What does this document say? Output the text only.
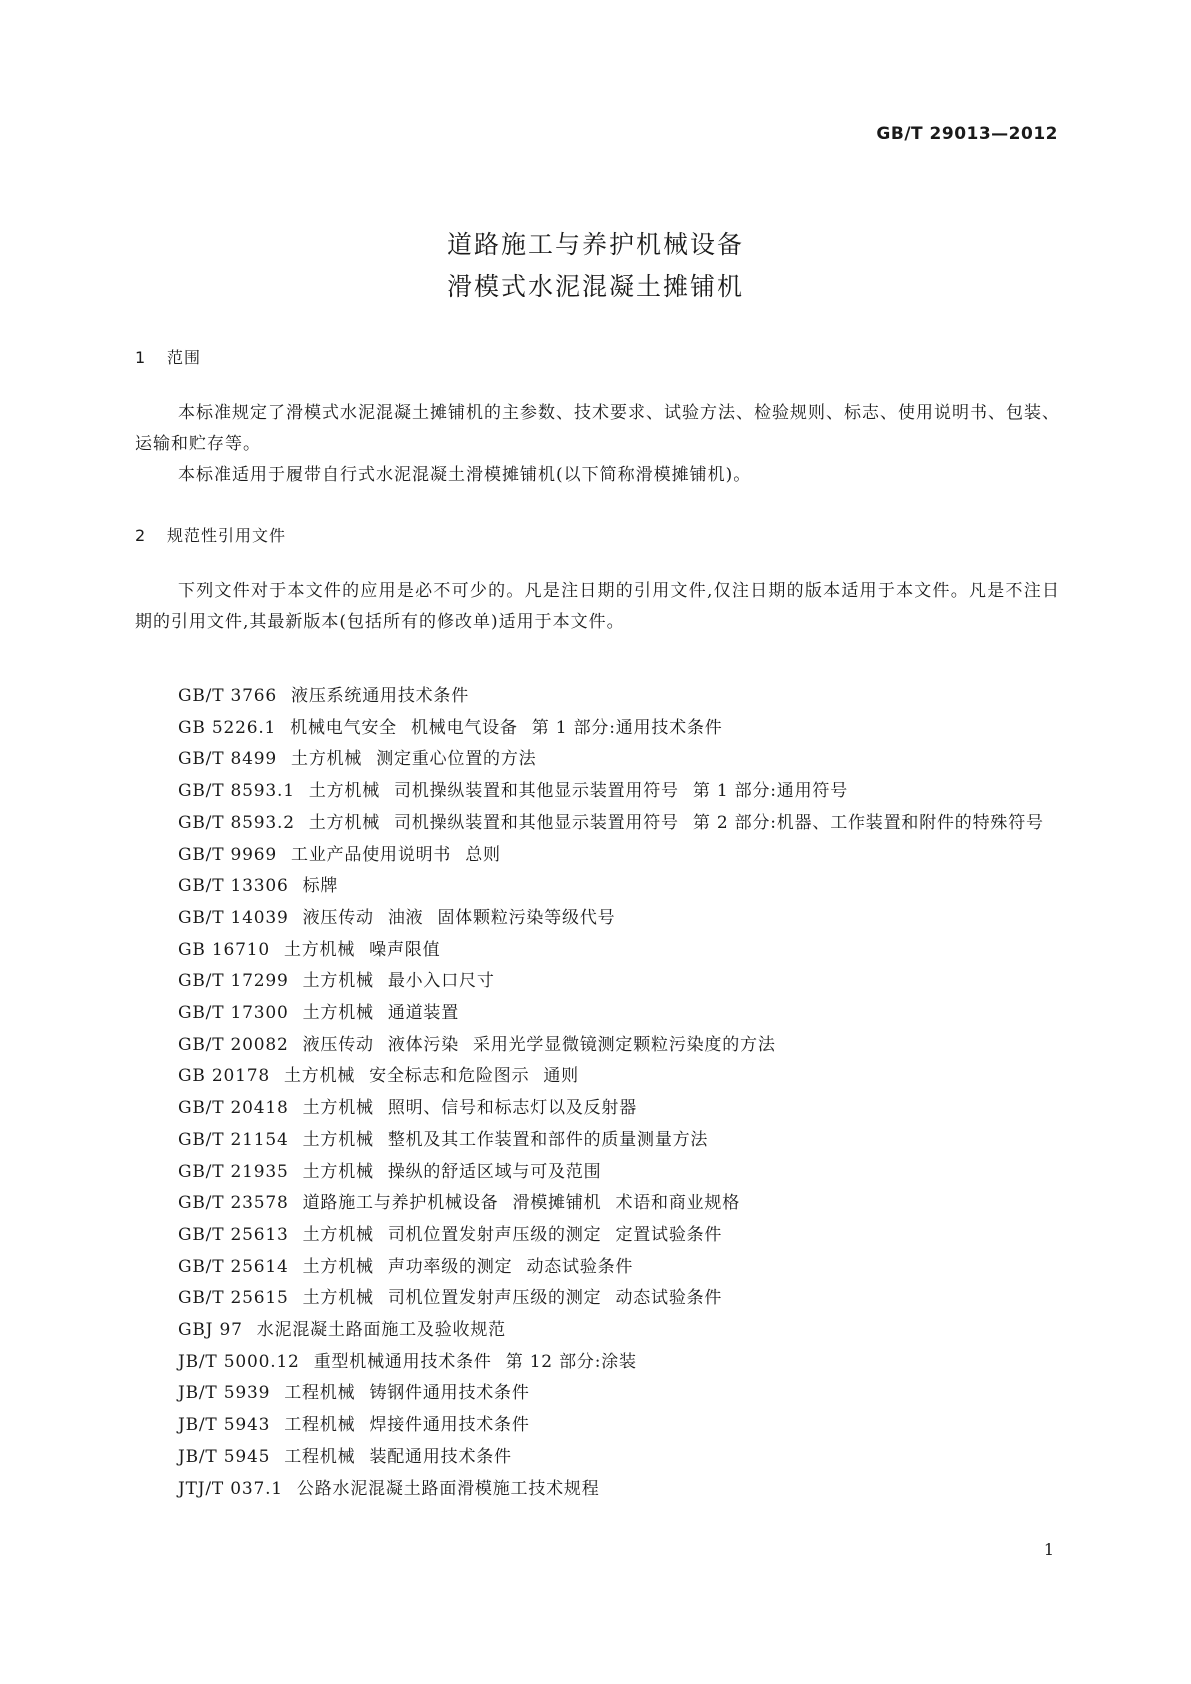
GB/T 29013—2012
道路施工与养护机械设备
滑模式水泥混凝土摊铺机
1 范围

本标准规定了滑模式水泥混凝土摊铺机的主参数、技术要求、试验方法、检验规则、标志、使用说明书、包装、运输和贮存等。

本标准适用于履带自行式水泥混凝土滑模摊铺机(以下简称滑模摊铺机)。

2 规范性引用文件

下列文件对于本文件的应用是必不可少的。凡是注日期的引用文件,仅注日期的版本适用于本文件。凡是不注日期的引用文件,其最新版本(包括所有的修改单)适用于本文件。

GB/T 3766 液压系统通用技术条件

GB 5226.1 机械电气安全 机械电气设备 第 1 部分:通用技术条件

GB/T 8499 土方机械 测定重心位置的方法

GB/T 8593.1 土方机械 司机操纵装置和其他显示装置用符号 第 1 部分:通用符号

GB/T 8593.2 土方机械 司机操纵装置和其他显示装置用符号 第 2 部分:机器、工作装置和附件的特殊符号

GB/T 9969 工业产品使用说明书 总则

GB/T 13306 标牌

GB/T 14039 液压传动 油液 固体颗粒污染等级代号

GB 16710 土方机械 噪声限值

GB/T 17299 土方机械 最小入口尺寸

GB/T 17300 土方机械 通道装置

GB/T 20082 液压传动 液体污染 采用光学显微镜测定颗粒污染度的方法

GB 20178 土方机械 安全标志和危险图示 通则

GB/T 20418 土方机械 照明、信号和标志灯以及反射器

GB/T 21154 土方机械 整机及其工作装置和部件的质量测量方法

GB/T 21935 土方机械 操纵的舒适区域与可及范围

GB/T 23578 道路施工与养护机械设备 滑模摊铺机 术语和商业规格

GB/T 25613 土方机械 司机位置发射声压级的测定 定置试验条件

GB/T 25614 土方机械 声功率级的测定 动态试验条件

GB/T 25615 土方机械 司机位置发射声压级的测定 动态试验条件

GBJ 97 水泥混凝土路面施工及验收规范

JB/T 5000.12 重型机械通用技术条件 第 12 部分:涂装

JB/T 5939 工程机械 铸钢件通用技术条件

JB/T 5943 工程机械 焊接件通用技术条件

JB/T 5945 工程机械 装配通用技术条件

JTJ/T 037.1 公路水泥混凝土路面滑模施工技术规程

1
